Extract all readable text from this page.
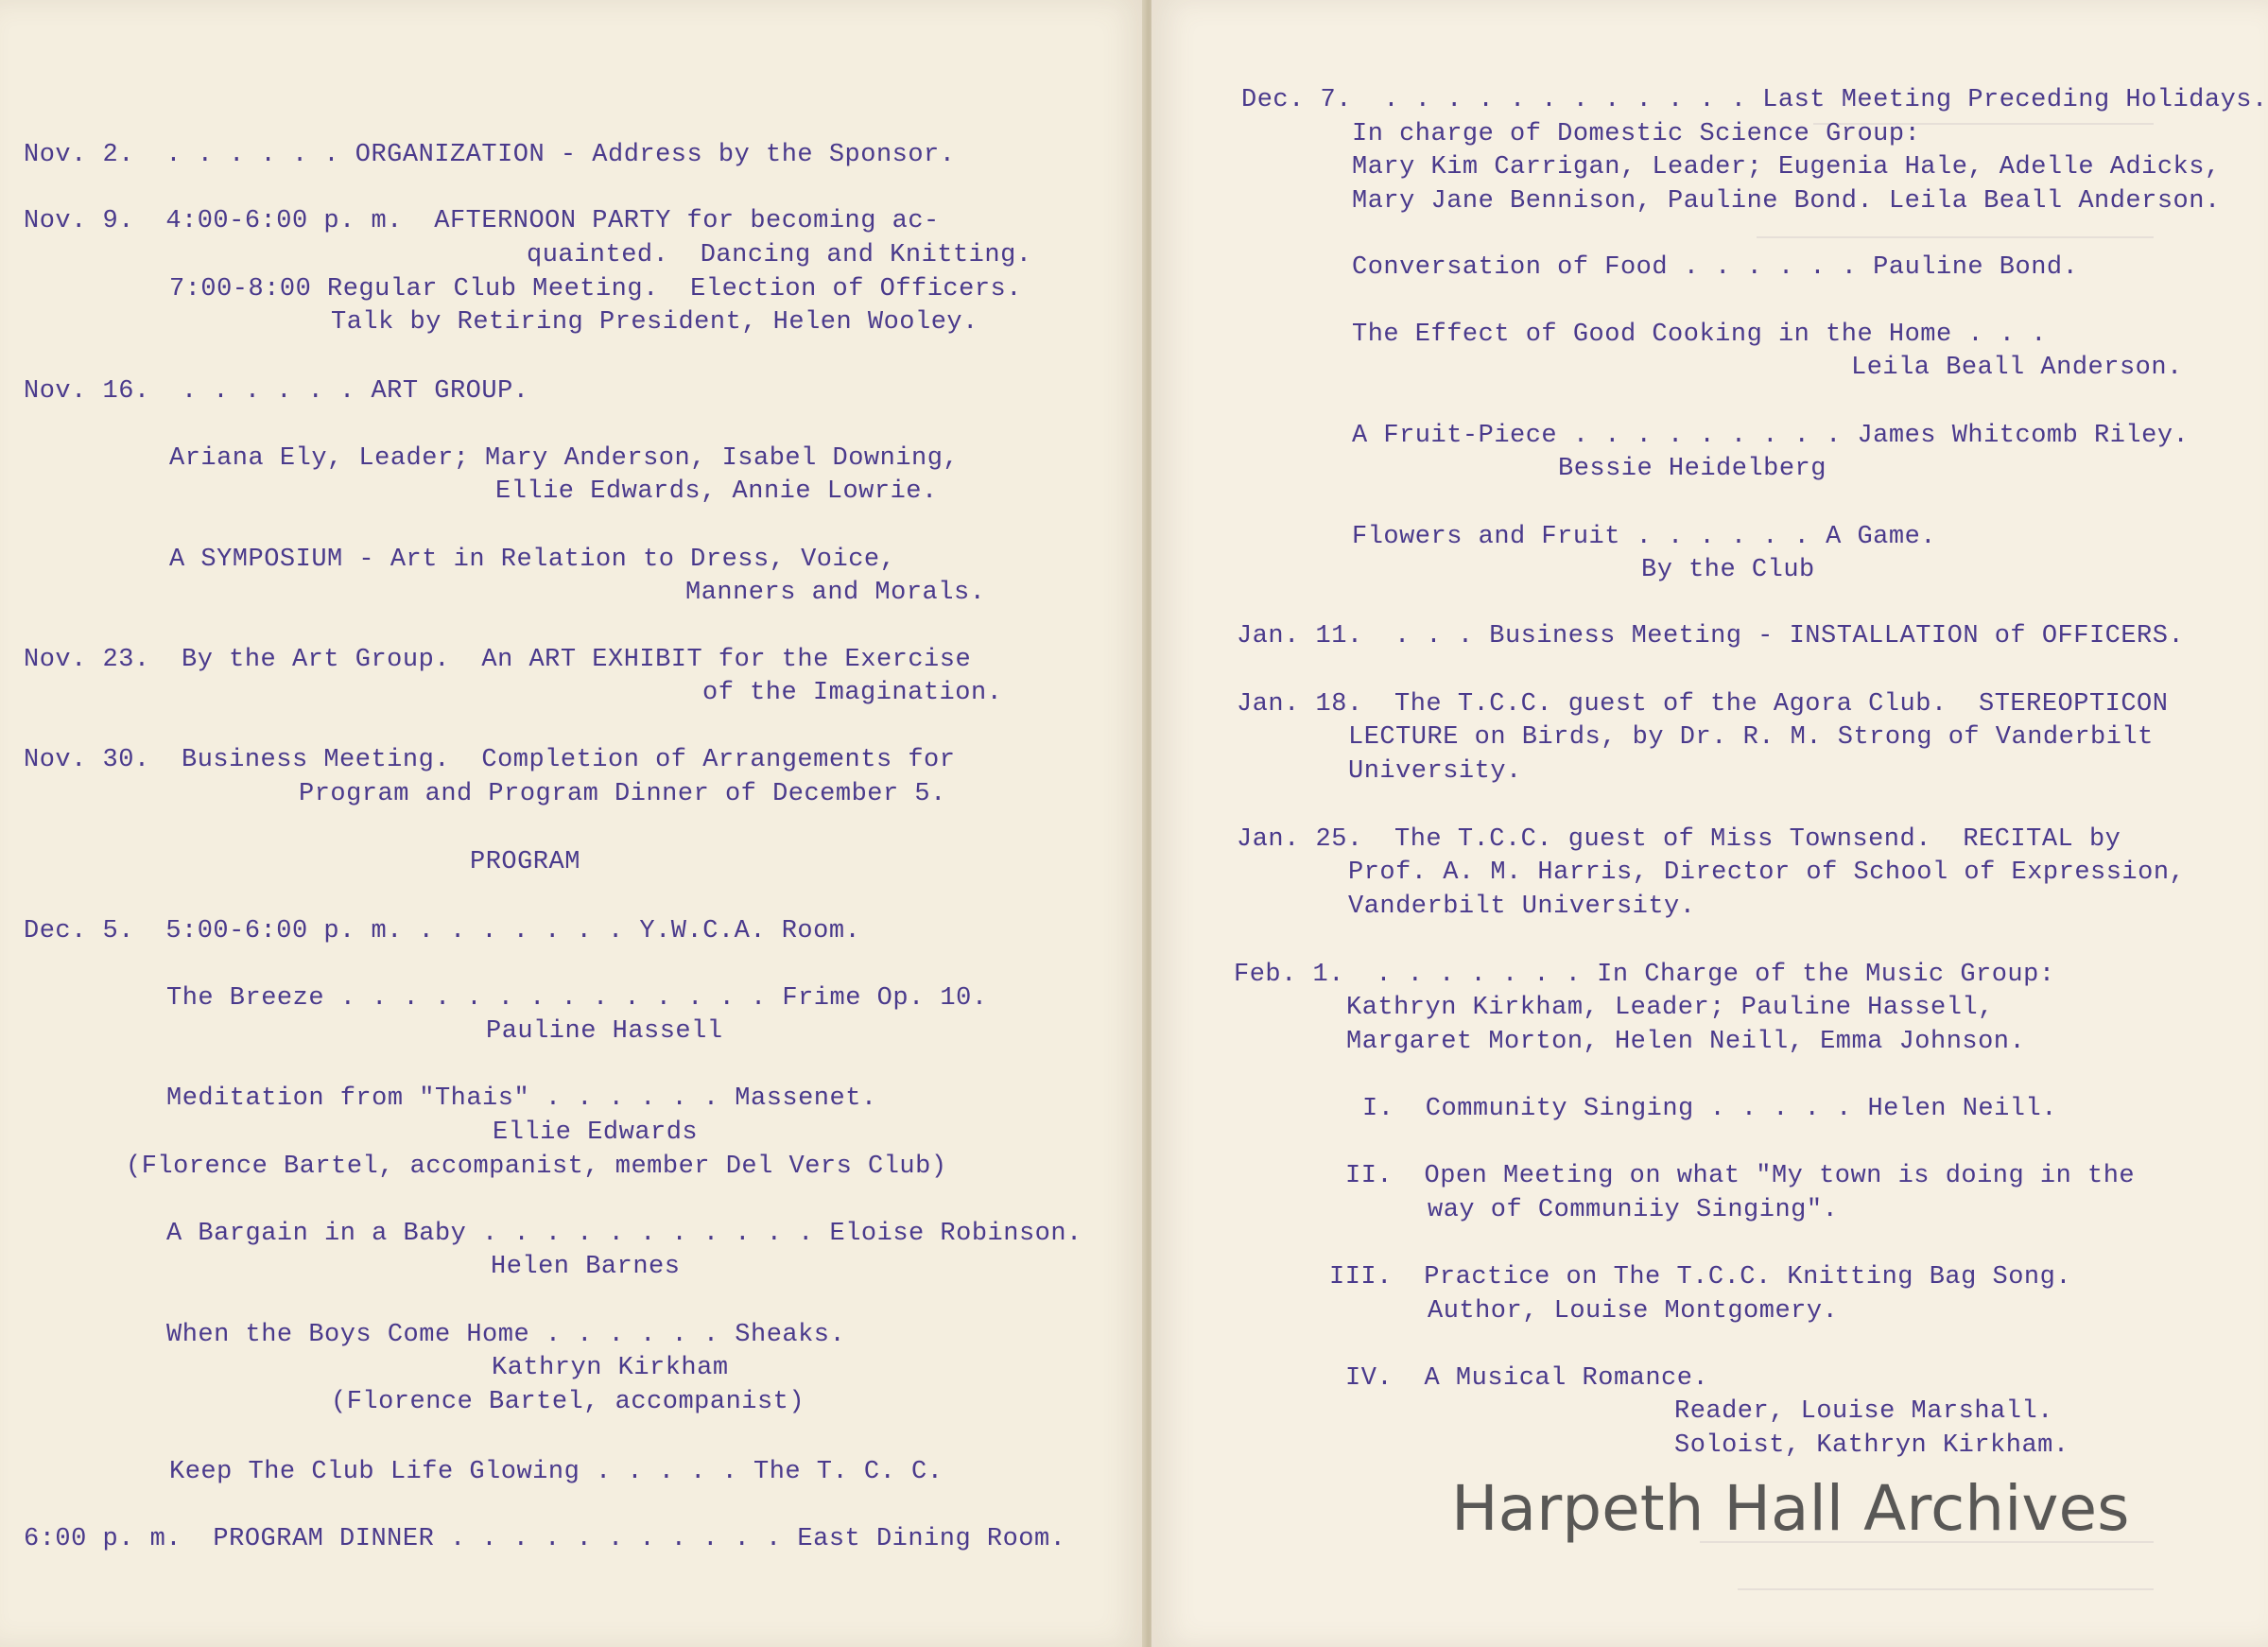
Nov. 2.  . . . . . . ORGANIZATION - Address by the Sponsor.
Nov. 9.  4:00-6:00 p. m.  AFTERNOON PARTY for becoming ac-
quainted.  Dancing and Knitting.
7:00-8:00 Regular Club Meeting.  Election of Officers.
Talk by Retiring President, Helen Wooley.
Nov. 16.  . . . . . . ART GROUP.
Ariana Ely, Leader; Mary Anderson, Isabel Downing,
Ellie Edwards, Annie Lowrie.
A SYMPOSIUM - Art in Relation to Dress, Voice,
Manners and Morals.
Nov. 23.  By the Art Group.  An ART EXHIBIT for the Exercise
of the Imagination.
Nov. 30.  Business Meeting.  Completion of Arrangements for
Program and Program Dinner of December 5.
PROGRAM
Dec. 5.  5:00-6:00 p. m. . . . . . . . Y.W.C.A. Room.
The Breeze . . . . . . . . . . . . . . Frime Op. 10.
Pauline Hassell
Meditation from "Thais" . . . . . . Massenet.
Ellie Edwards
(Florence Bartel, accompanist, member Del Vers Club)
A Bargain in a Baby . . . . . . . . . . . Eloise Robinson.
Helen Barnes
When the Boys Come Home . . . . . . Sheaks.
Kathryn Kirkham
(Florence Bartel, accompanist)
Keep The Club Life Glowing . . . . . The T. C. C.
6:00 p. m.  PROGRAM DINNER . . . . . . . . . . . East Dining Room.
Dec. 7.  . . . . . . . . . . . . Last Meeting Preceding Holidays.
In charge of Domestic Science Group:
Mary Kim Carrigan, Leader; Eugenia Hale, Adelle Adicks,
Mary Jane Bennison, Pauline Bond. Leila Beall Anderson.
Conversation of Food . . . . . . Pauline Bond.
The Effect of Good Cooking in the Home . . .
Leila Beall Anderson.
A Fruit-Piece . . . . . . . . . James Whitcomb Riley.
Bessie Heidelberg
Flowers and Fruit . . . . . . A Game.
By the Club
Jan. 11.  . . . Business Meeting - INSTALLATION of OFFICERS.
Jan. 18.  The T.C.C. guest of the Agora Club.  STEREOPTICON
LECTURE on Birds, by Dr. R. M. Strong of Vanderbilt
University.
Jan. 25.  The T.C.C. guest of Miss Townsend.  RECITAL by
Prof. A. M. Harris, Director of School of Expression,
Vanderbilt University.
Feb. 1.  . . . . . . . In Charge of the Music Group:
Kathryn Kirkham, Leader; Pauline Hassell,
Margaret Morton, Helen Neill, Emma Johnson.
I.  Community Singing . . . . . Helen Neill.
II.  Open Meeting on what "My town is doing in the
way of Communiiy Singing".
III.  Practice on The T.C.C. Knitting Bag Song.
Author, Louise Montgomery.
IV.  A Musical Romance.
Reader, Louise Marshall.
Soloist, Kathryn Kirkham.
Harpeth Hall Archives
